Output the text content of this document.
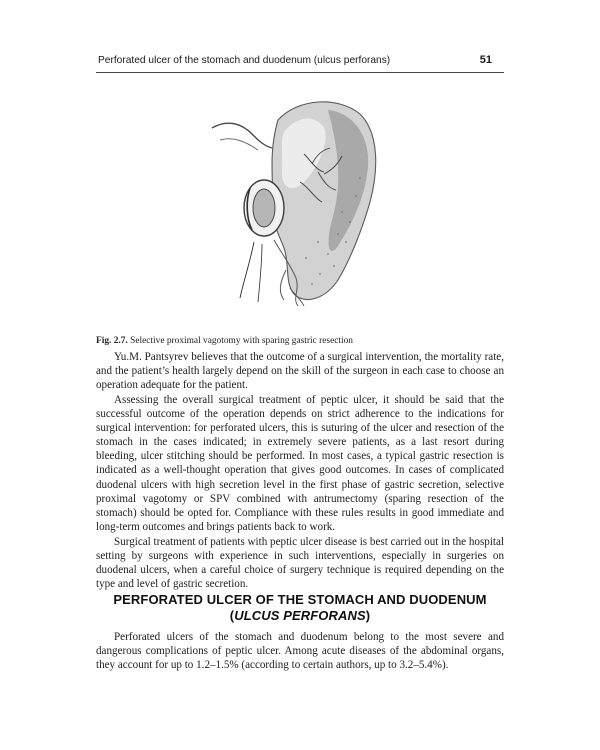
Perforated ulcer of the stomach and duodenum (ulcus perforans)	51
Fig. 2.7. Selective proximal vagotomy with sparing gastric resection

Yu.M. Pantsyrev believes that the outcome of a surgical intervention, the mortality rate, and the patient’s health largely depend on the skill of the surgeon in each case to choose an operation adequate for the patient.

Assessing the overall surgical treatment of peptic ulcer, it should be said that the successful outcome of the operation depends on strict adherence to the indications for surgical intervention: for perforated ulcers, this is suturing of the ulcer and resection of the stomach in the cases indicated; in extremely severe patients, as a last resort during bleeding, ulcer stitching should be performed. In most cases, a typical gastric resection is indicated as a well-thought operation that gives good outcomes. In cases of complicated duodenal ulcers with high secretion level in the first phase of gastric secretion, selective proximal vagotomy or SPV combined with antrumectomy (sparing resection of the stomach) should be opted for. Compliance with these rules results in good immediate and long-term outcomes and brings patients back to work.

Surgical treatment of patients with peptic ulcer disease is best carried out in the hospital setting by surgeons with experience in such interventions, especially in surgeries on duodenal ulcers, when a careful choice of surgery technique is required depending on the type and level of gastric secretion.

PERFORATED ULCER OF THE STOMACH AND DUODENUM
(ULCUS PERFORANS)

Perforated ulcers of the stomach and duodenum belong to the most severe and dangerous complications of peptic ulcer. Among acute diseases of the abdominal organs, they account for up to 1.2–1.5% (according to certain authors, up to 3.2–5.4%).
